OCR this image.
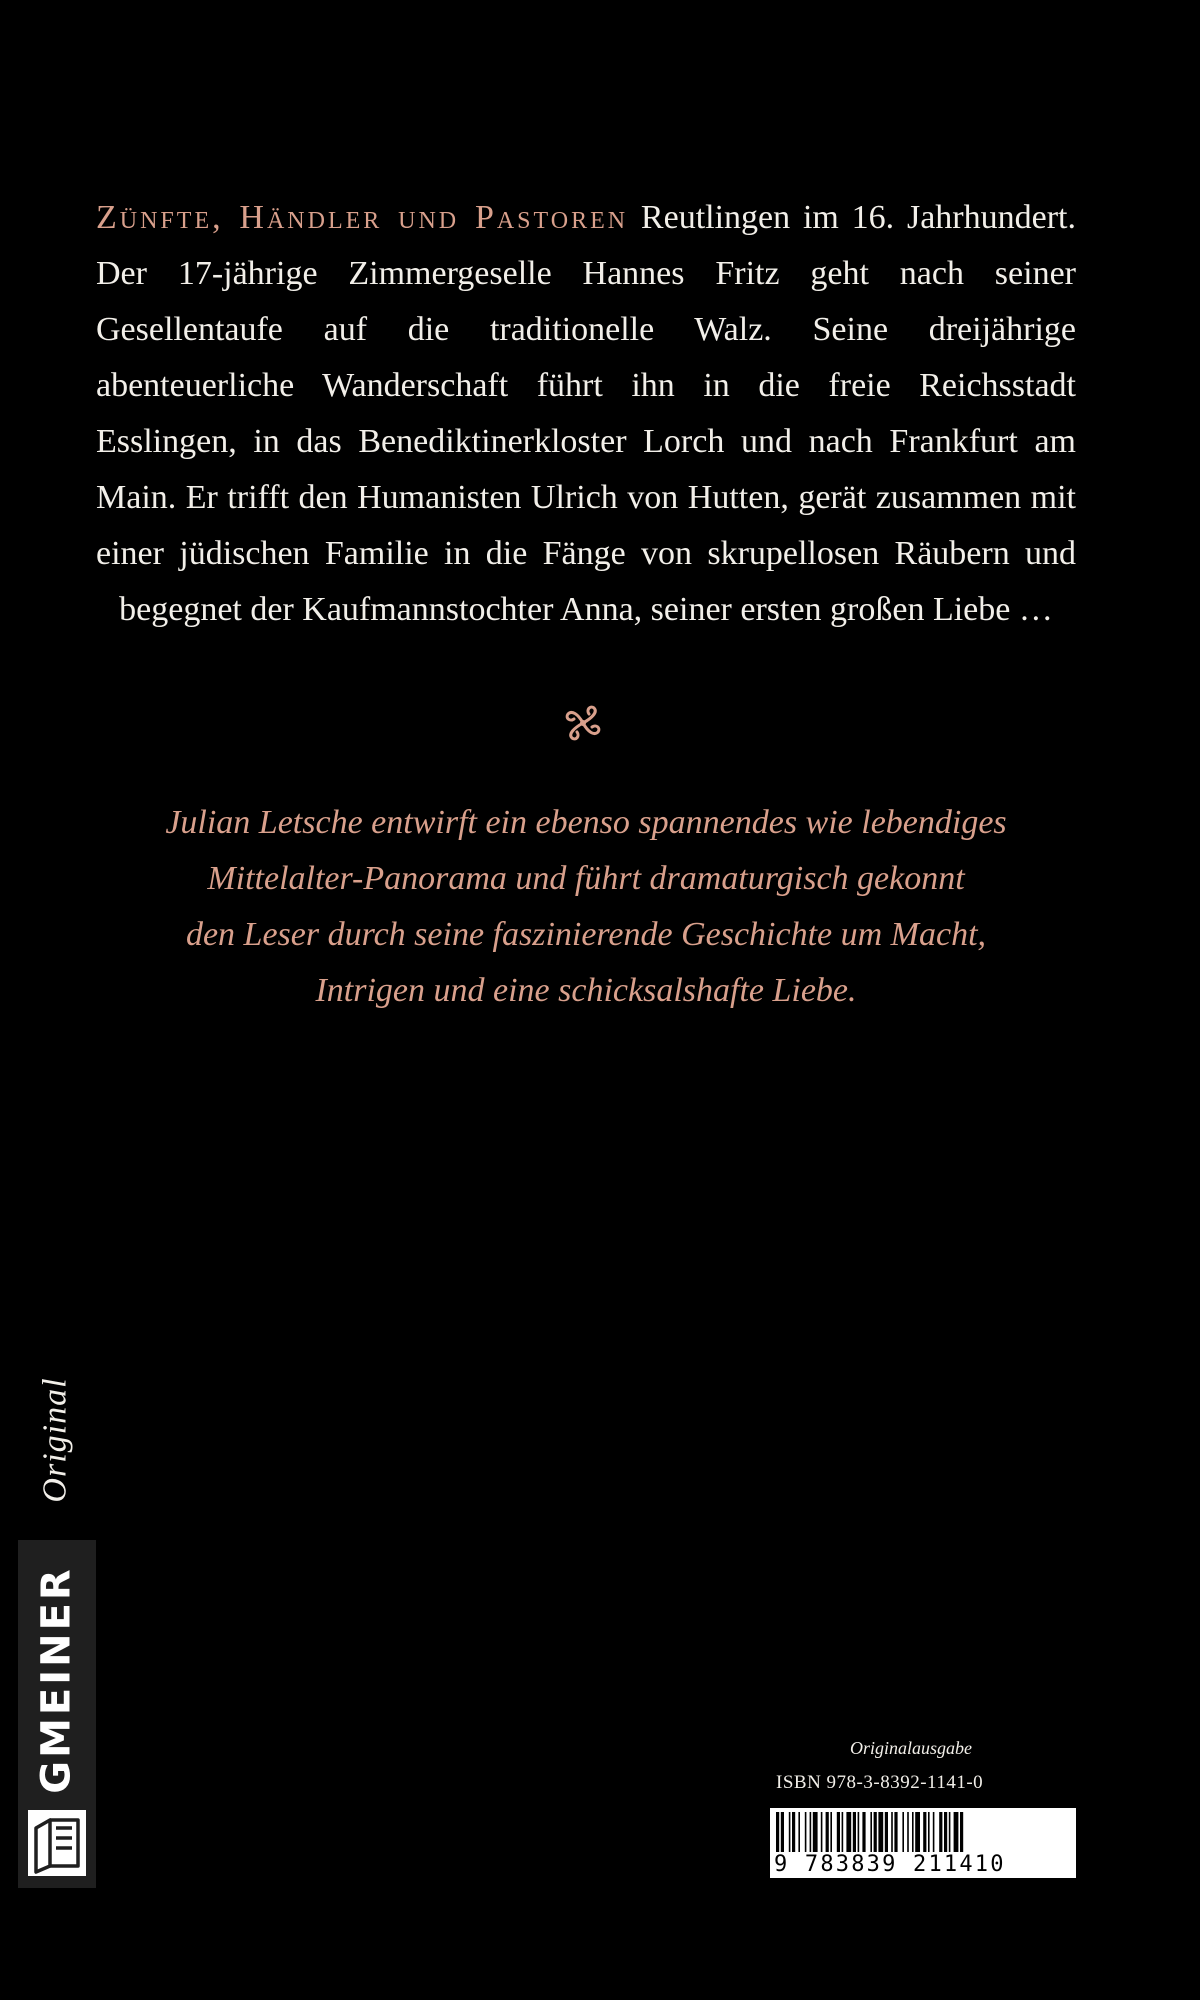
Zünfte, Händler und Pastoren Reutlingen im 16. Jahrhundert. Der 17-jährige Zimmergeselle Hannes Fritz geht nach seiner Gesellentaufe auf die traditionelle Walz. Seine dreijährige abenteuerliche Wanderschaft führt ihn in die freie Reichsstadt Esslingen, in das Benediktinerkloster Lorch und nach Frankfurt am Main. Er trifft den Humanisten Ulrich von Hutten, gerät zusammen mit einer jüdischen Familie in die Fänge von skrupellosen Räubern und begegnet der Kaufmannstochter Anna, seiner ersten großen Liebe …

Julian Letsche entwirft ein ebenso spannendes wie lebendiges
Mittelalter-Panorama und führt dramaturgisch gekonnt
den Leser durch seine faszinierende Geschichte um Macht,
Intrigen und eine schicksalshafte Liebe.

Original
GMEINER	Originalausgabe
ISBN 978-3-8392-1141-0
9 783839 211410
